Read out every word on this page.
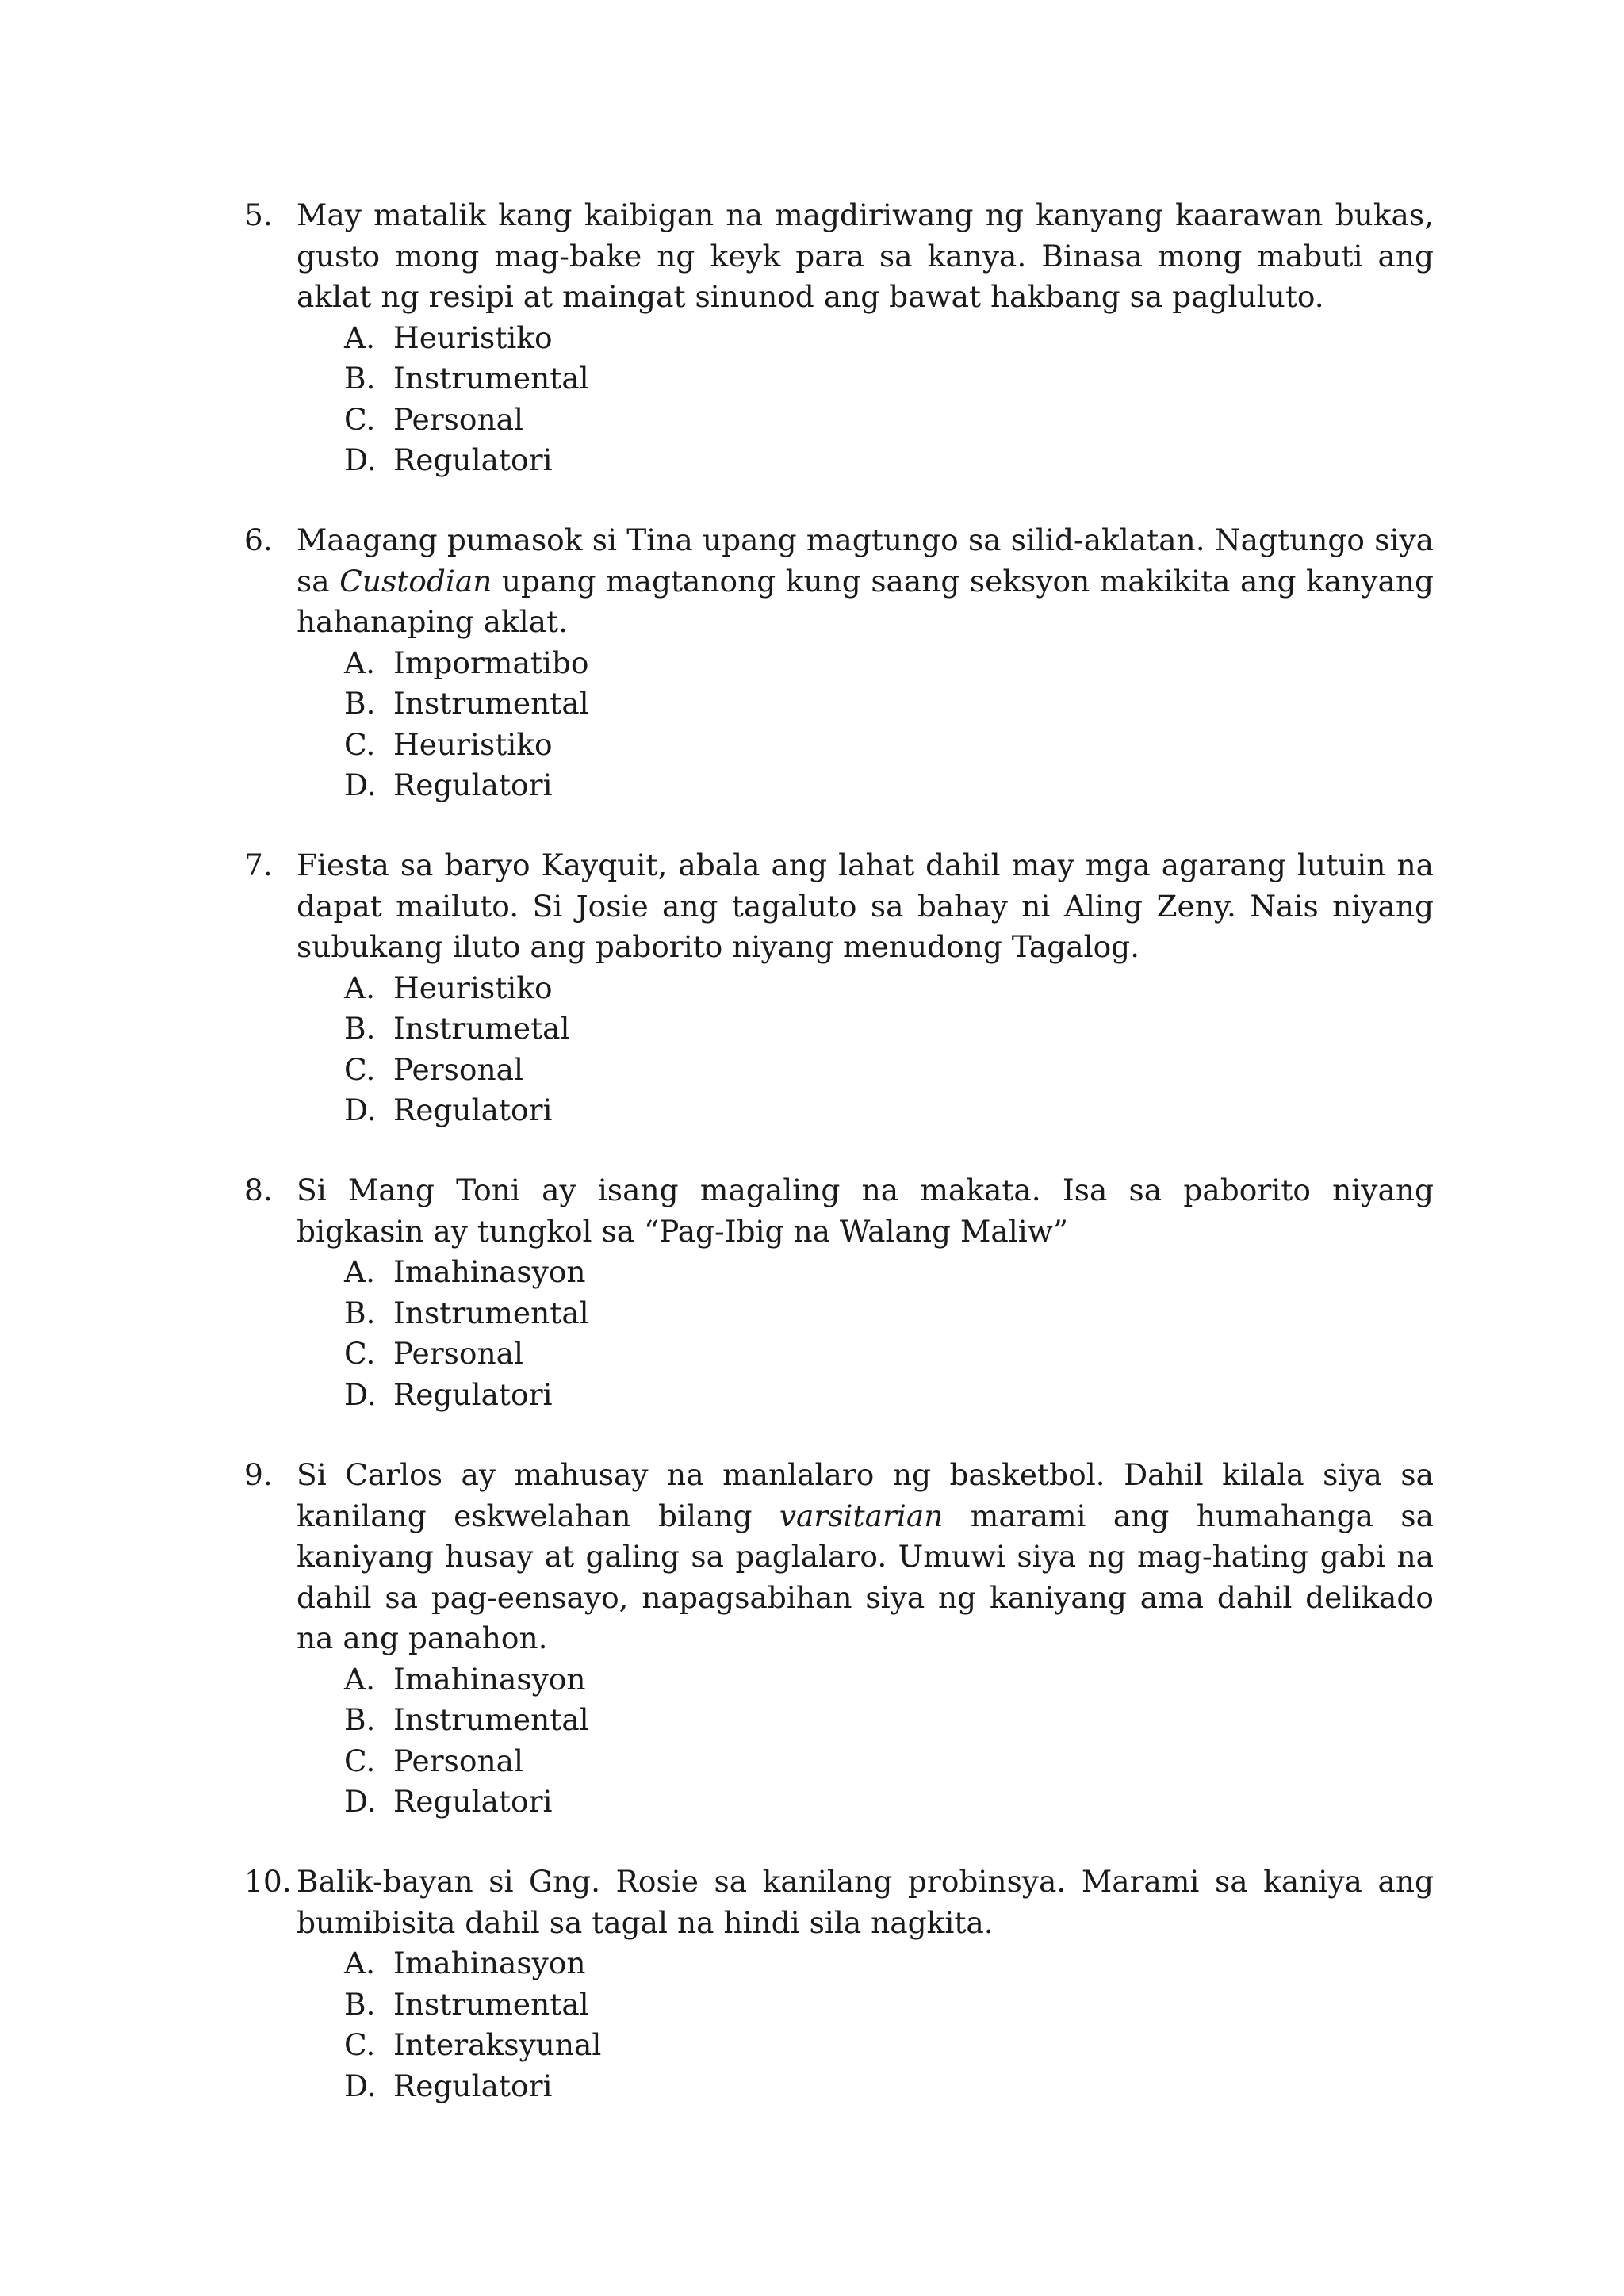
5. May matalik kang kaibigan na magdiriwang ng kanyang kaarawan bukas, gusto mong mag-bake ng keyk para sa kanya. Binasa mong mabuti ang aklat ng resipi at maingat sinunod ang bawat hakbang sa pagluluto.
A. Heuristiko
B. Instrumental
C. Personal
D. Regulatori
6. Maagang pumasok si Tina upang magtungo sa silid-aklatan. Nagtungo siya sa Custodian upang magtanong kung saang seksyon makikita ang kanyang hahanaping aklat.
A. Impormatibo
B. Instrumental
C. Heuristiko
D. Regulatori
7. Fiesta sa baryo Kayquit, abala ang lahat dahil may mga agarang lutuin na dapat mailuto. Si Josie ang tagaluto sa bahay ni Aling Zeny. Nais niyang subukang iluto ang paborito niyang menudong Tagalog.
A. Heuristiko
B. Instrumetal
C. Personal
D. Regulatori
8. Si Mang Toni ay isang magaling na makata. Isa sa paborito niyang bigkasin ay tungkol sa “Pag-Ibig na Walang Maliw”
A. Imahinasyon
B. Instrumental
C. Personal
D. Regulatori
9. Si Carlos ay mahusay na manlalaro ng basketbol. Dahil kilala siya sa kanilang eskwelahan bilang varsitarian marami ang humahanga sa kaniyang husay at galing sa paglalaro. Umuwi siya ng mag-hating gabi na dahil sa pag-eensayo, napagsabihan siya ng kaniyang ama dahil delikado na ang panahon.
A. Imahinasyon
B. Instrumental
C. Personal
D. Regulatori
10. Balik-bayan si Gng. Rosie sa kanilang probinsya. Marami sa kaniya ang bumibisita dahil sa tagal na hindi sila nagkita.
A. Imahinasyon
B. Instrumental
C. Interaksyunal
D. Regulatori
